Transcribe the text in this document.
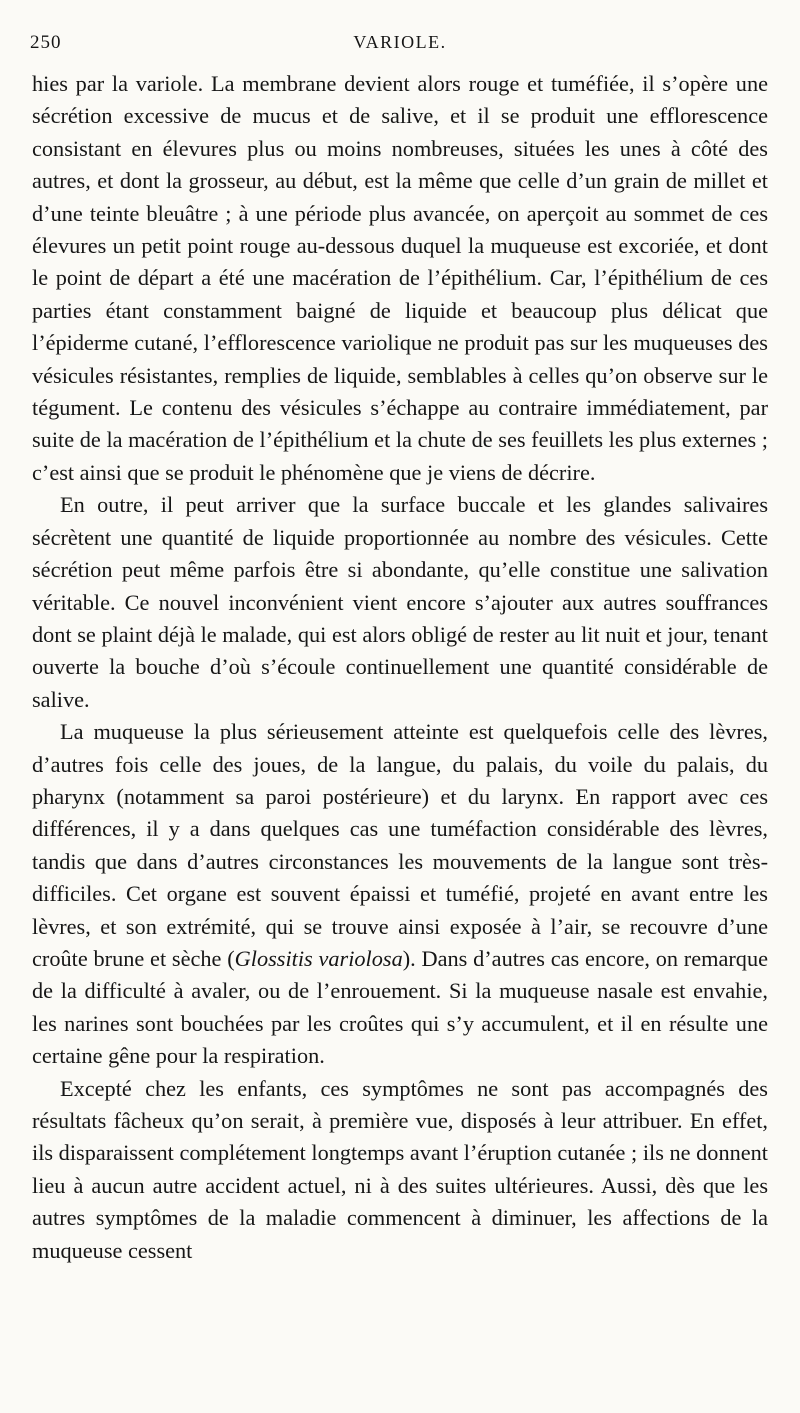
250	VARIOLE.

hies par la variole. La membrane devient alors rouge et tuméfiée, il s’opère une sécrétion excessive de mucus et de salive, et il se produit une efflorescence consistant en élevures plus ou moins nombreuses, situées les unes à côté des autres, et dont la grosseur, au début, est la même que celle d’un grain de millet et d’une teinte bleuâtre ; à une période plus avancée, on aperçoit au sommet de ces élevures un petit point rouge au-dessous duquel la muqueuse est excoriée, et dont le point de départ a été une macération de l’épithélium. Car, l’épithélium de ces parties étant constamment baigné de liquide et beaucoup plus délicat que l’épiderme cutané, l’efflorescence variolique ne produit pas sur les muqueuses des vésicules résistantes, remplies de liquide, semblables à celles qu’on observe sur le tégument. Le contenu des vésicules s’échappe au contraire immédiatement, par suite de la macération de l’épithélium et la chute de ses feuillets les plus externes ; c’est ainsi que se produit le phénomène que je viens de décrire.

En outre, il peut arriver que la surface buccale et les glandes salivaires sécrètent une quantité de liquide proportionnée au nombre des vésicules. Cette sécrétion peut même parfois être si abondante, qu’elle constitue une salivation véritable. Ce nouvel inconvénient vient encore s’ajouter aux autres souffrances dont se plaint déjà le malade, qui est alors obligé de rester au lit nuit et jour, tenant ouverte la bouche d’où s’écoule continuellement une quantité considérable de salive.

La muqueuse la plus sérieusement atteinte est quelquefois celle des lèvres, d’autres fois celle des joues, de la langue, du palais, du voile du palais, du pharynx (notamment sa paroi postérieure) et du larynx. En rapport avec ces différences, il y a dans quelques cas une tuméfaction considérable des lèvres, tandis que dans d’autres circonstances les mouvements de la langue sont très-difficiles. Cet organe est souvent épaissi et tuméfié, projeté en avant entre les lèvres, et son extrémité, qui se trouve ainsi exposée à l’air, se recouvre d’une croûte brune et sèche (Glossitis variolosa). Dans d’autres cas encore, on remarque de la difficulté à avaler, ou de l’enrouement. Si la muqueuse nasale est envahie, les narines sont bouchées par les croûtes qui s’y accumulent, et il en résulte une certaine gêne pour la respiration.

Excepté chez les enfants, ces symptômes ne sont pas accompagnés des résultats fâcheux qu’on serait, à première vue, disposés à leur attribuer. En effet, ils disparaissent complétement longtemps avant l’éruption cutanée ; ils ne donnent lieu à aucun autre accident actuel, ni à des suites ultérieures. Aussi, dès que les autres symptômes de la maladie commencent à diminuer, les affections de la muqueuse cessent
